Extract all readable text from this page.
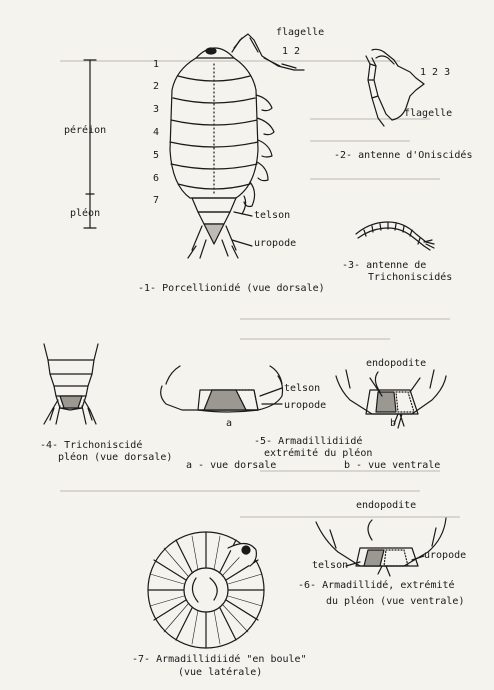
flagelle
1 2
1
2
3
4
5
6
7
péréion
pléon	telson
uropode
-1- Porcellionidé (vue dorsale)
1 2 3
flagelle
-2- antenne d'Oniscidés
-3- antenne de
Trichoniscidés
-4- Trichoniscidé
pléon (vue dorsale)
endopodite
telson
uropode
a	b
-5- Armadillidiidé
extrémité du pléon
a - vue dorsale	b - vue ventrale
endopodite
uropode
telson
-6- Armadillidé, extrémité
du pléon (vue ventrale)
-7- Armadillidiidé "en boule"
(vue latérale)
